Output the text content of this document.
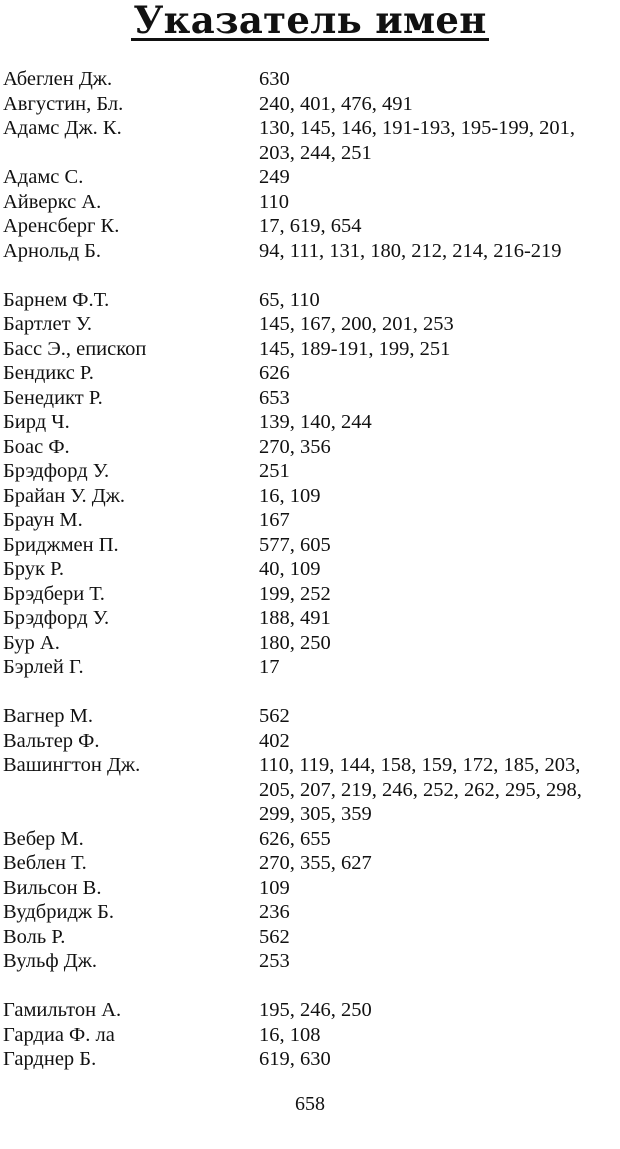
Указатель имен
Абеглен Дж.	630
Августин, Бл.	240, 401, 476, 491
Адамс Дж. К.	130, 145, 146, 191-193, 195-199, 201,
203, 244, 251
Адамс С.	249
Айверкс А.	110
Аренсберг К.	17, 619, 654
Арнольд Б.	94, 111, 131, 180, 212, 214, 216-219
Барнем Ф.Т.	65, 110
Бартлет У.	145, 167, 200, 201, 253
Басс Э., епископ	145, 189-191, 199, 251
Бендикс Р.	626
Бенедикт Р.	653
Бирд Ч.	139, 140, 244
Боас Ф.	270, 356
Брэдфорд У.	251
Брайан У. Дж.	16, 109
Браун М.	167
Бриджмен П.	577, 605
Брук Р.	40, 109
Брэдбери Т.	199, 252
Брэдфорд У.	188, 491
Бур А.	180, 250
Бэрлей Г.	17
Вагнер М.	562
Вальтер Ф.	402
Вашингтон Дж.	110, 119, 144, 158, 159, 172, 185, 203,
205, 207, 219, 246, 252, 262, 295, 298,
299, 305, 359
Вебер М.	626, 655
Веблен Т.	270, 355, 627
Вильсон В.	109
Вудбридж Б.	236
Воль Р.	562
Вульф Дж.	253
Гамильтон А.	195, 246, 250
Гардиа Ф. ла	16, 108
Гарднер Б.	619, 630
658
